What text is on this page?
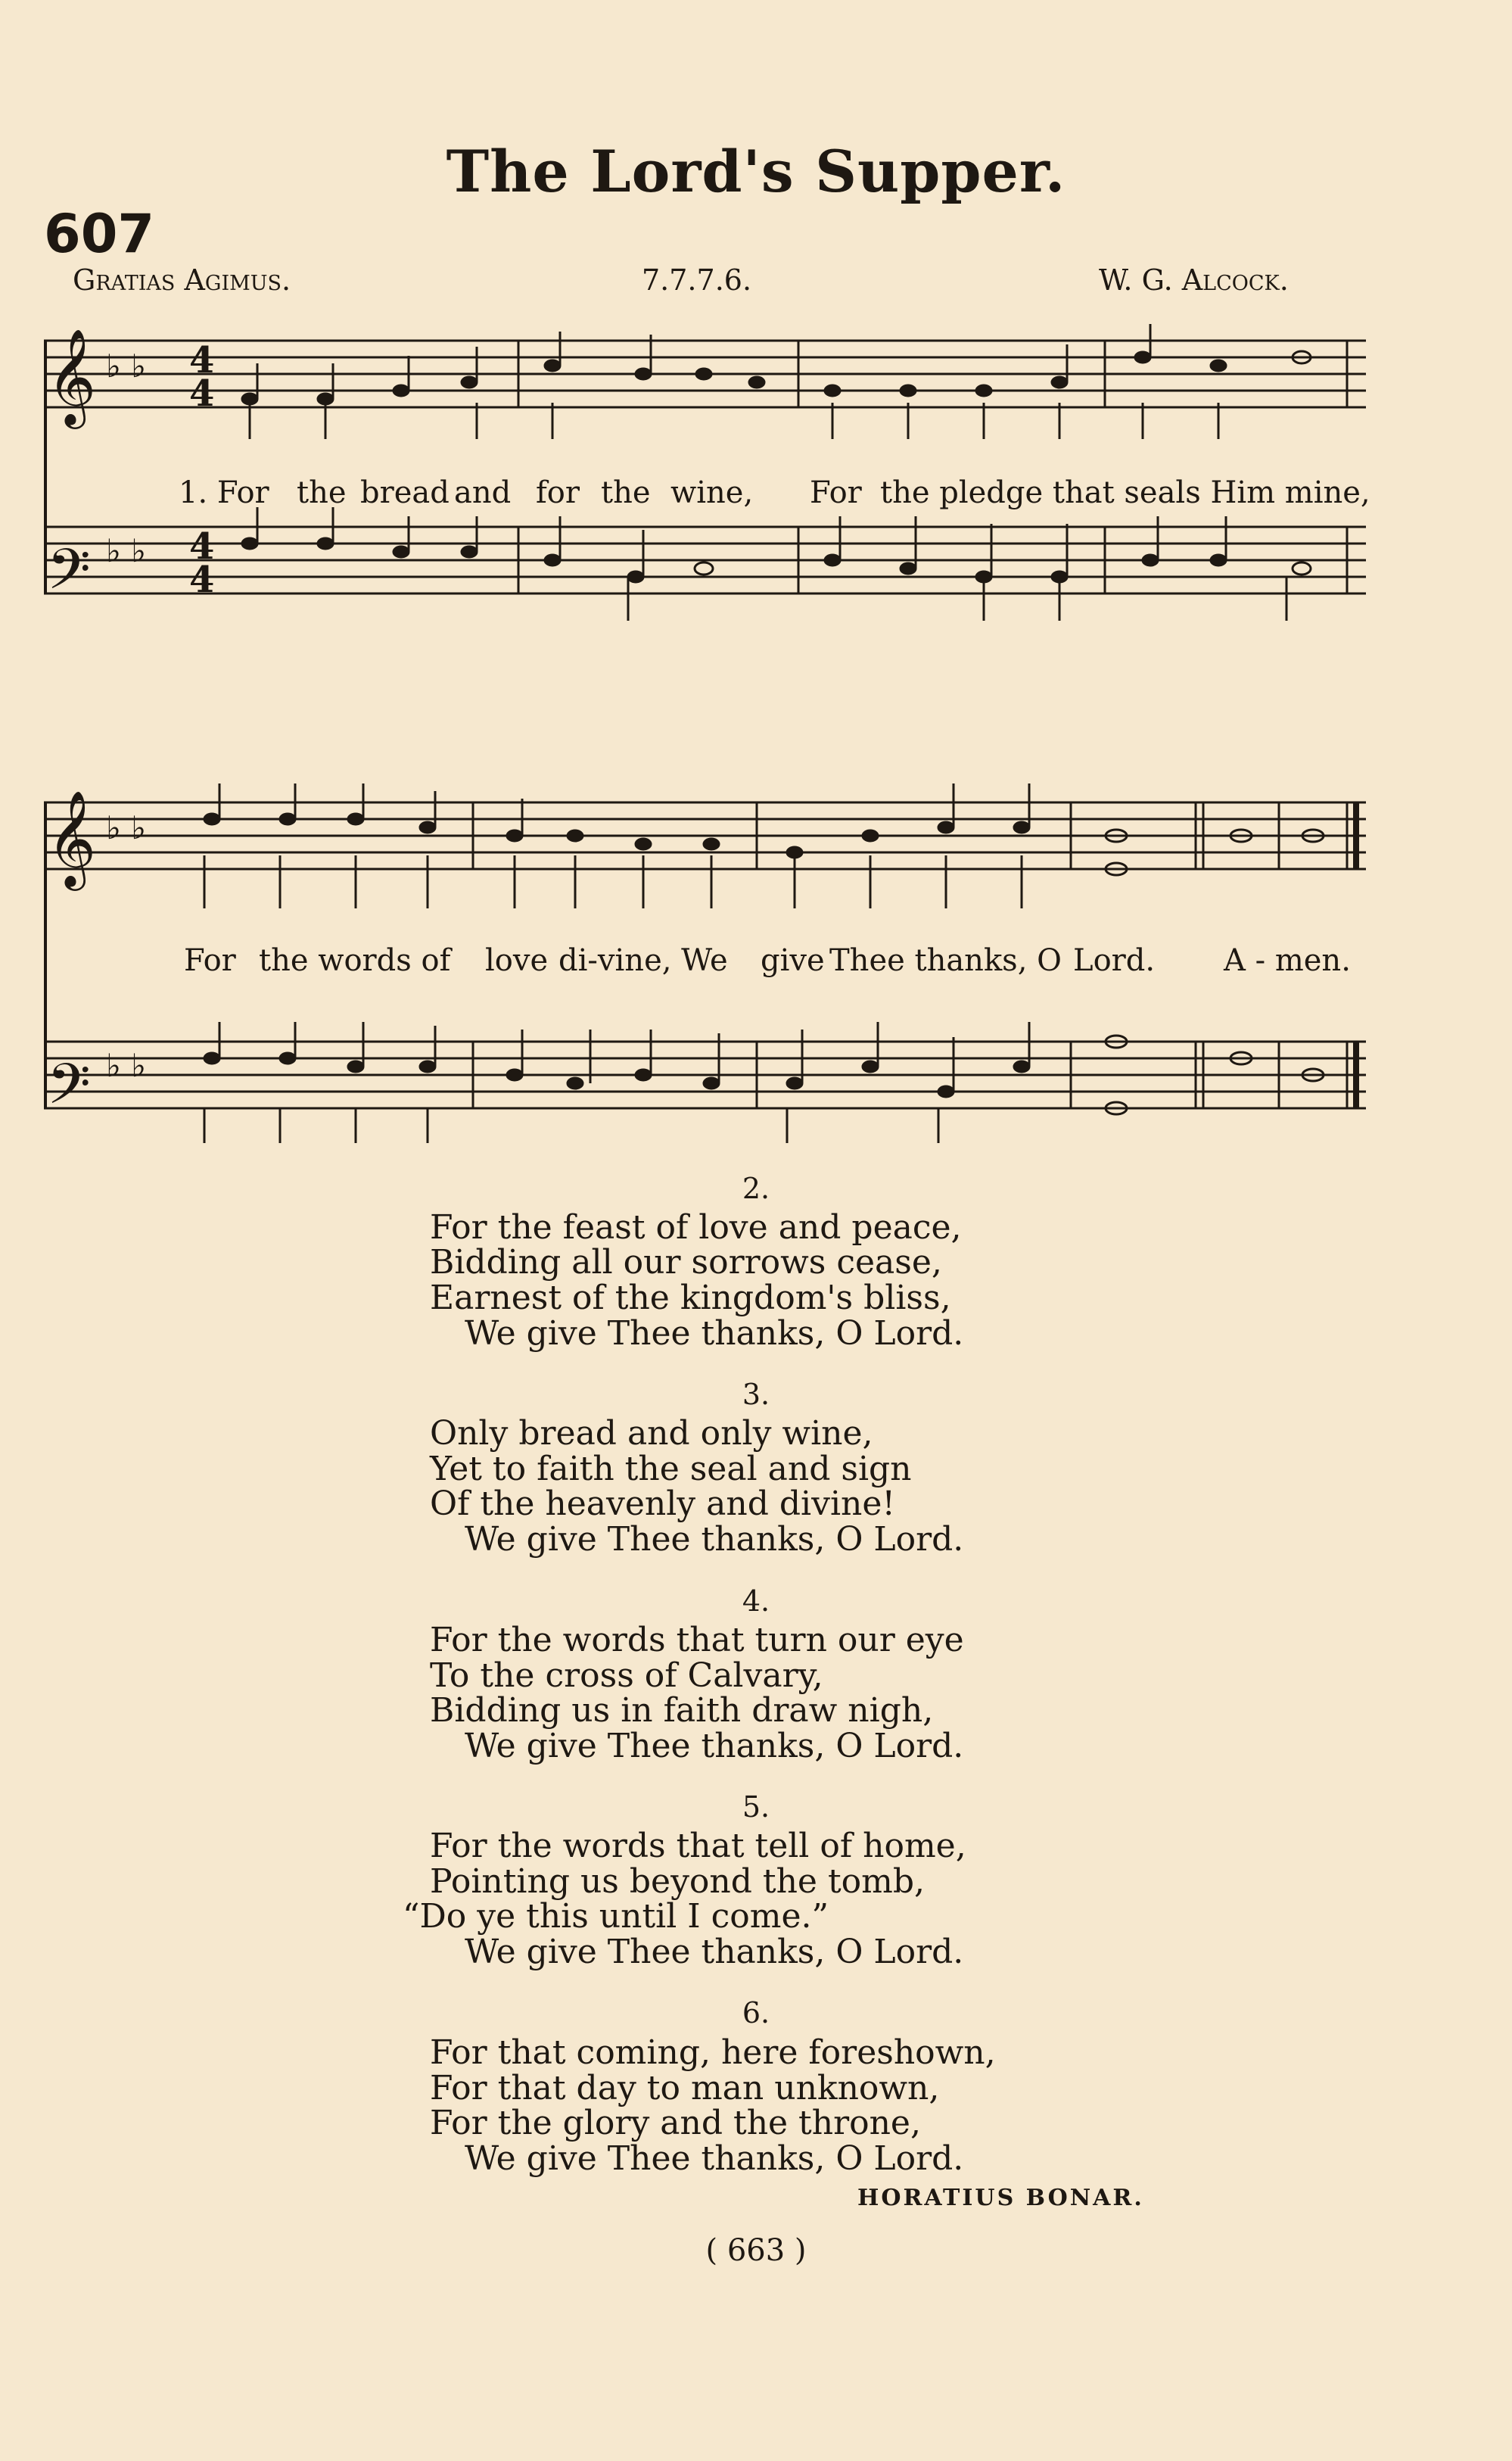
The Lord's Supper.
607
Gratias Agimus.	7.7.7.6.	W. G. Alcock.
𝄞
𝄢
♭ ♭
♭ ♭
4
4
4
4
1. For the bread and for the wine, For the pledge that seals Him mine,
𝄞
𝄢
♭ ♭
♭ ♭
For the words of love di-vine, We give Thee thanks, O Lord. A - men.
2.
For the feast of love and peace,
Bidding all our sorrows cease,
Earnest of the kingdom's bliss,
We give Thee thanks, O Lord.
3.
Only bread and only wine,
Yet to faith the seal and sign
Of the heavenly and divine!
We give Thee thanks, O Lord.
4.
For the words that turn our eye
To the cross of Calvary,
Bidding us in faith draw nigh,
We give Thee thanks, O Lord.
5.
For the words that tell of home,
Pointing us beyond the tomb,
“Do ye this until I come.”
We give Thee thanks, O Lord.
6.
For that coming, here foreshown,
For that day to man unknown,
For the glory and the throne,
We give Thee thanks, O Lord.
HORATIUS BONAR.
( 663 )
